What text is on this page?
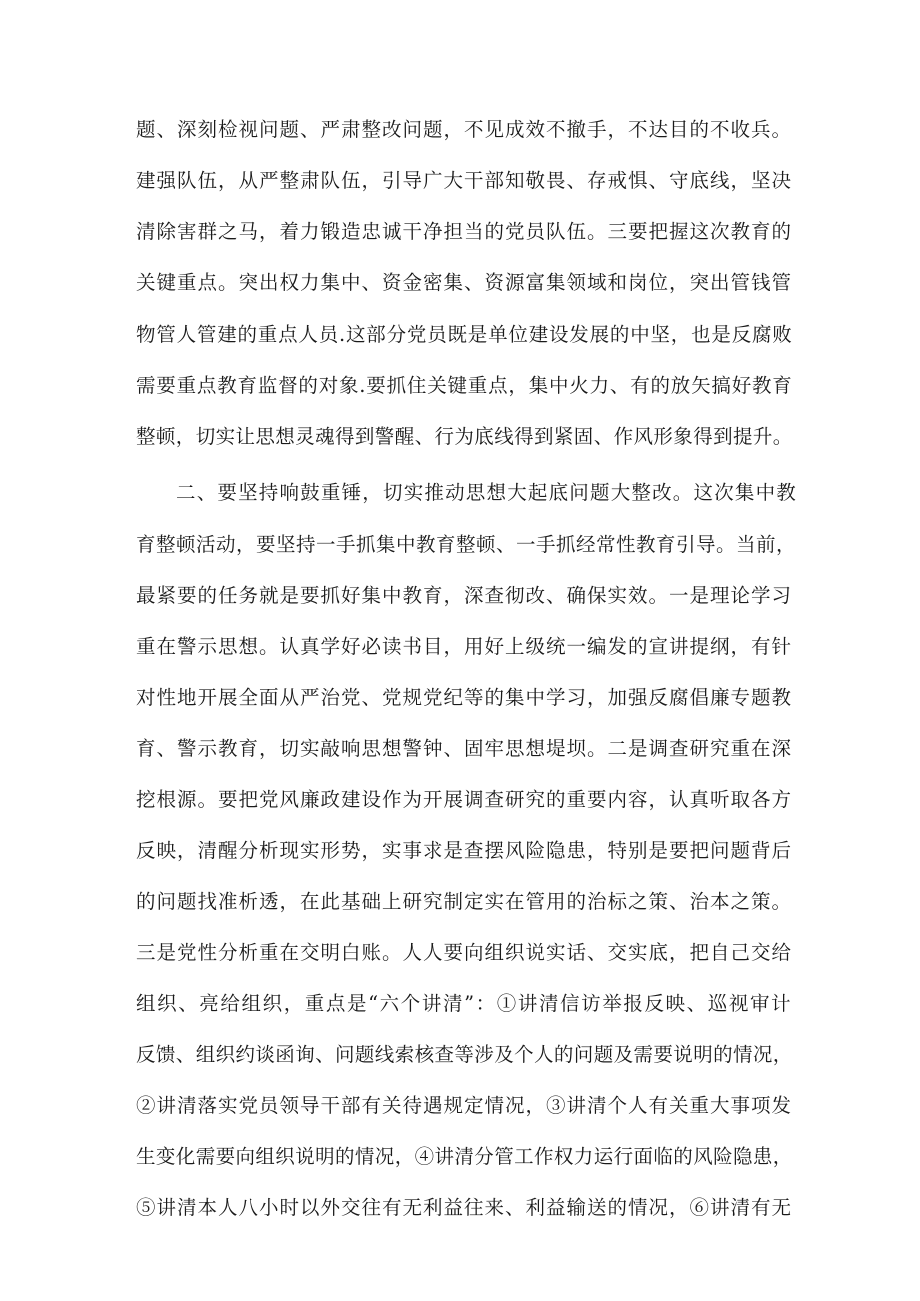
题、深刻检视问题、严肃整改问题，不见成效不撤手，不达目的不收兵。
建强队伍，从严整肃队伍，引导广大干部知敬畏、存戒惧、守底线，坚决
清除害群之马，着力锻造忠诚干净担当的党员队伍。三要把握这次教育的
关键重点。突出权力集中、资金密集、资源富集领域和岗位，突出管钱管
物管人管建的重点人员.这部分党员既是单位建设发展的中坚，也是反腐败
需要重点教育监督的对象.要抓住关键重点，集中火力、有的放矢搞好教育
整顿，切实让思想灵魂得到警醒、行为底线得到紧固、作风形象得到提升。
二、要坚持响鼓重锤，切实推动思想大起底问题大整改。这次集中教
育整顿活动，要坚持一手抓集中教育整顿、一手抓经常性教育引导。当前，
最紧要的任务就是要抓好集中教育，深查彻改、确保实效。一是理论学习
重在警示思想。认真学好必读书目，用好上级统一编发的宣讲提纲，有针
对性地开展全面从严治党、党规党纪等的集中学习，加强反腐倡廉专题教
育、警示教育，切实敲响思想警钟、固牢思想堤坝。二是调查研究重在深
挖根源。要把党风廉政建设作为开展调查研究的重要内容，认真听取各方
反映，清醒分析现实形势，实事求是查摆风险隐患，特别是要把问题背后
的问题找准析透，在此基础上研究制定实在管用的治标之策、治本之策。
三是党性分析重在交明白账。人人要向组织说实话、交实底，把自己交给
组织、亮给组织，重点是“六个讲清”：①讲清信访举报反映、巡视审计
反馈、组织约谈函询、问题线索核查等涉及个人的问题及需要说明的情况，
②讲清落实党员领导干部有关待遇规定情况，③讲清个人有关重大事项发
生变化需要向组织说明的情况，④讲清分管工作权力运行面临的风险隐患，
⑤讲清本人八小时以外交往有无利益往来、利益输送的情况，⑥讲清有无
